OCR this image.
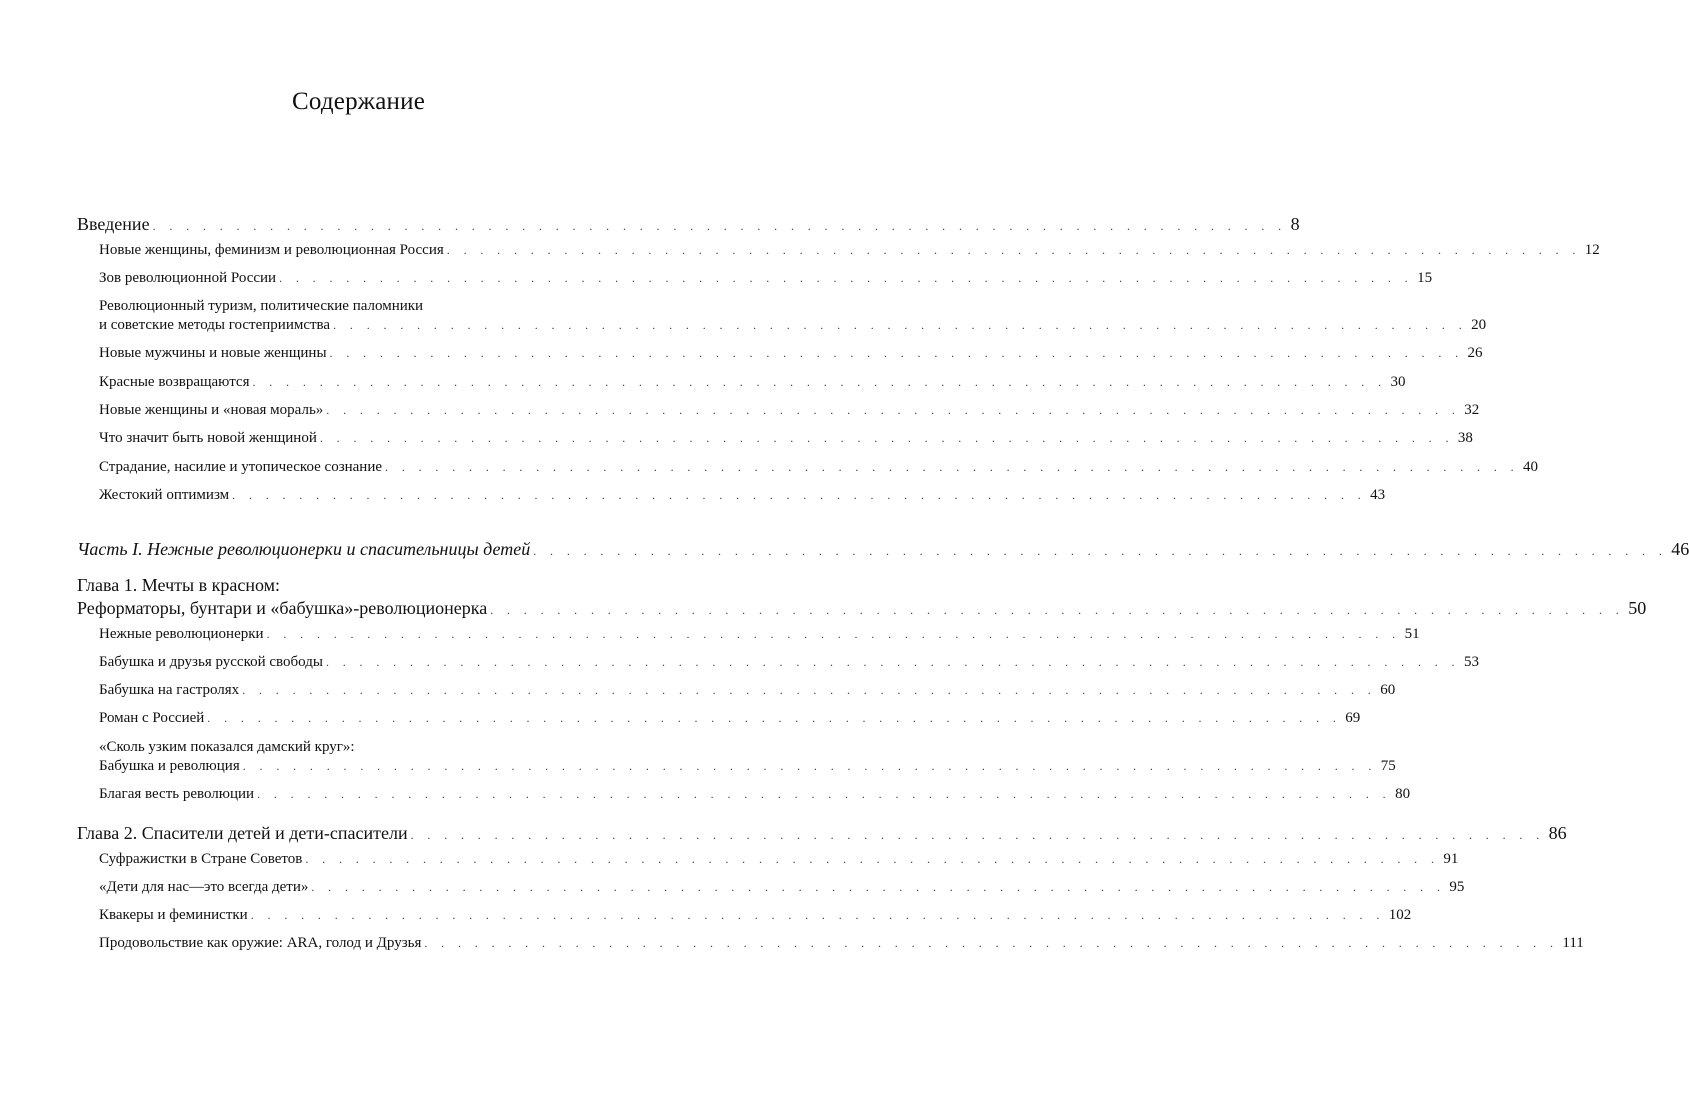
Содержание
Введение . . . . . . . . . . . . . . . . . . . . . . . . . . . . . . . . . . . . . . . . . . . . . . . . . . . . . . . . . . . . . . . . . . . . 8
Новые женщины, феминизм и революционная Россия . . . . . . . . . . . . . . . . . . . . . . . . . . . . . . . . . . . . . . . . . . . . . . . . . . . . . . . . . . . . . . . . . . . . 12
Зов революционной России . . . . . . . . . . . . . . . . . . . . . . . . . . . . . . . . . . . . . . . . . . . . . . . . . . . . . . . . . . . . . . . . . . . . 15
Революционный туризм, политические паломники
и советские методы гостеприимства . . . . . . . . . . . . . . . . . . . . . . . . . . . . . . . . . . . . . . . . . . . . . . . . . . . . . . . . . . . . . . . . . . . . 20
Новые мужчины и новые женщины . . . . . . . . . . . . . . . . . . . . . . . . . . . . . . . . . . . . . . . . . . . . . . . . . . . . . . . . . . . . . . . . . . . . 26
Красные возвращаются . . . . . . . . . . . . . . . . . . . . . . . . . . . . . . . . . . . . . . . . . . . . . . . . . . . . . . . . . . . . . . . . . . . . 30
Новые женщины и «новая мораль» . . . . . . . . . . . . . . . . . . . . . . . . . . . . . . . . . . . . . . . . . . . . . . . . . . . . . . . . . . . . . . . . . . . . 32
Что значит быть новой женщиной . . . . . . . . . . . . . . . . . . . . . . . . . . . . . . . . . . . . . . . . . . . . . . . . . . . . . . . . . . . . . . . . . . . . 38
Страдание, насилие и утопическое сознание . . . . . . . . . . . . . . . . . . . . . . . . . . . . . . . . . . . . . . . . . . . . . . . . . . . . . . . . . . . . . . . . . . . . 40
Жестокий оптимизм . . . . . . . . . . . . . . . . . . . . . . . . . . . . . . . . . . . . . . . . . . . . . . . . . . . . . . . . . . . . . . . . . . . . 43
Часть I. Нежные революционерки и спасительницы детей . . . . . . . . . . . . . . . . . . . . . . . . . . . . . . . . . . . . . . . . . . . . . . . . . . . . . . . . . . . . . . . . . . . . 46
Глава 1. Мечты в красном:
Реформаторы, бунтари и «бабушка»-революционерка . . . . . . . . . . . . . . . . . . . . . . . . . . . . . . . . . . . . . . . . . . . . . . . . . . . . . . . . . . . . . . . . . . . . 50
Нежные революционерки . . . . . . . . . . . . . . . . . . . . . . . . . . . . . . . . . . . . . . . . . . . . . . . . . . . . . . . . . . . . . . . . . . . . 51
Бабушка и друзья русской свободы . . . . . . . . . . . . . . . . . . . . . . . . . . . . . . . . . . . . . . . . . . . . . . . . . . . . . . . . . . . . . . . . . . . . 53
Бабушка на гастролях . . . . . . . . . . . . . . . . . . . . . . . . . . . . . . . . . . . . . . . . . . . . . . . . . . . . . . . . . . . . . . . . . . . . 60
Роман с Россией . . . . . . . . . . . . . . . . . . . . . . . . . . . . . . . . . . . . . . . . . . . . . . . . . . . . . . . . . . . . . . . . . . . . 69
«Сколь узким показался дамский круг»:
Бабушка и революция . . . . . . . . . . . . . . . . . . . . . . . . . . . . . . . . . . . . . . . . . . . . . . . . . . . . . . . . . . . . . . . . . . . . 75
Благая весть революции . . . . . . . . . . . . . . . . . . . . . . . . . . . . . . . . . . . . . . . . . . . . . . . . . . . . . . . . . . . . . . . . . . . . 80
Глава 2. Спасители детей и дети-спасители . . . . . . . . . . . . . . . . . . . . . . . . . . . . . . . . . . . . . . . . . . . . . . . . . . . . . . . . . . . . . . . . . . . . 86
Суфражистки в Стране Советов . . . . . . . . . . . . . . . . . . . . . . . . . . . . . . . . . . . . . . . . . . . . . . . . . . . . . . . . . . . . . . . . . . . . 91
«Дети для нас—это всегда дети» . . . . . . . . . . . . . . . . . . . . . . . . . . . . . . . . . . . . . . . . . . . . . . . . . . . . . . . . . . . . . . . . . . . . 95
Квакеры и феминистки . . . . . . . . . . . . . . . . . . . . . . . . . . . . . . . . . . . . . . . . . . . . . . . . . . . . . . . . . . . . . . . . . . . . 102
Продовольствие как оружие: ARA, голод и Друзья . . . . . . . . . . . . . . . . . . . . . . . . . . . . . . . . . . . . . . . . . . . . . . . . . . . . . . . . . . . . . . . . . . . . 111
